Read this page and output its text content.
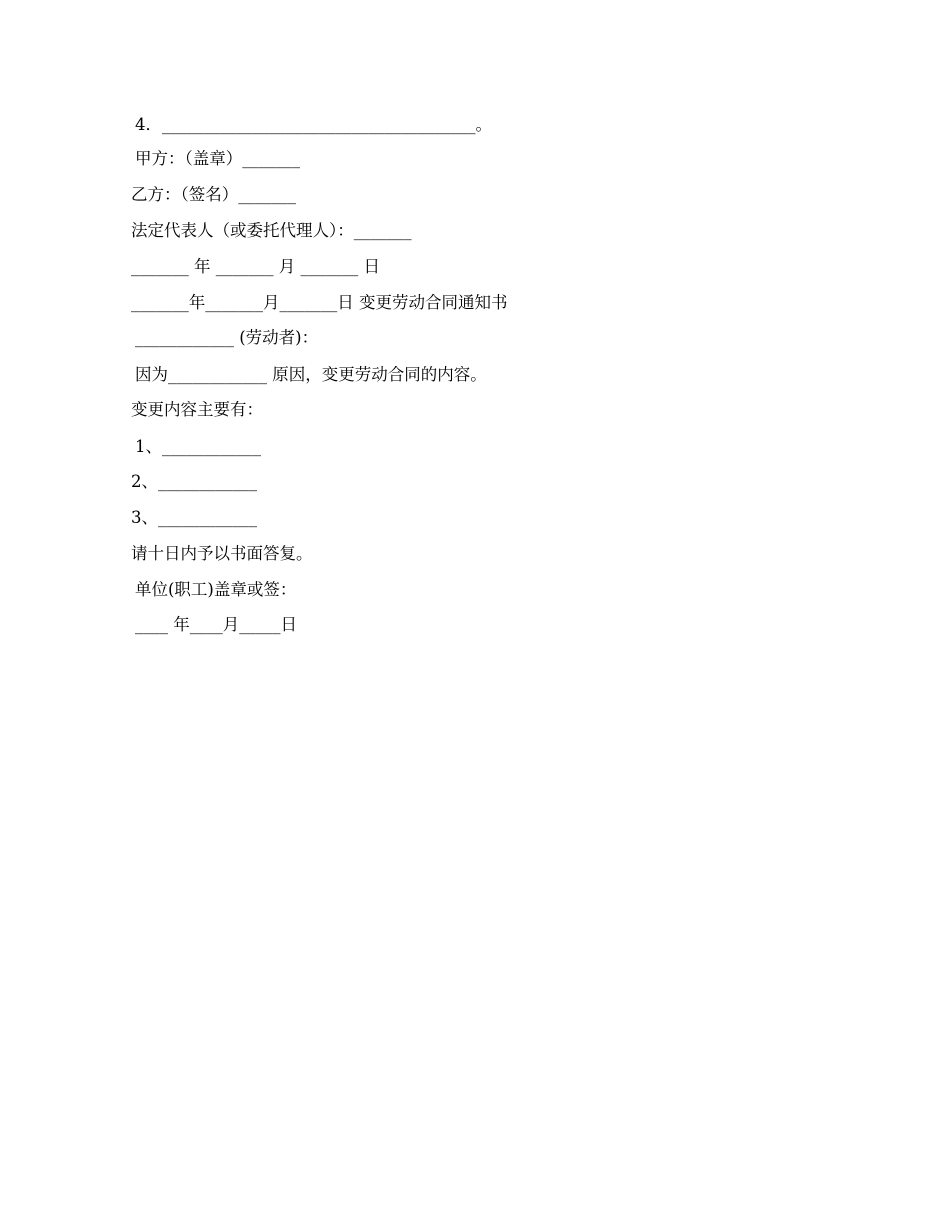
4．______________________________________。
甲方：（盖章）_______
乙方：（签名）_______
法定代表人（或委托代理人）：_______
_______ 年 _______ 月 _______ 日
_______年_______月_______日 变更劳动合同通知书
____________ (劳动者)：
因为____________ 原因，变更劳动合同的内容。
变更内容主要有：
1、____________
2、____________
3、____________
请十日内予以书面答复。
单位(职工)盖章或签：
____ 年____月_____日
